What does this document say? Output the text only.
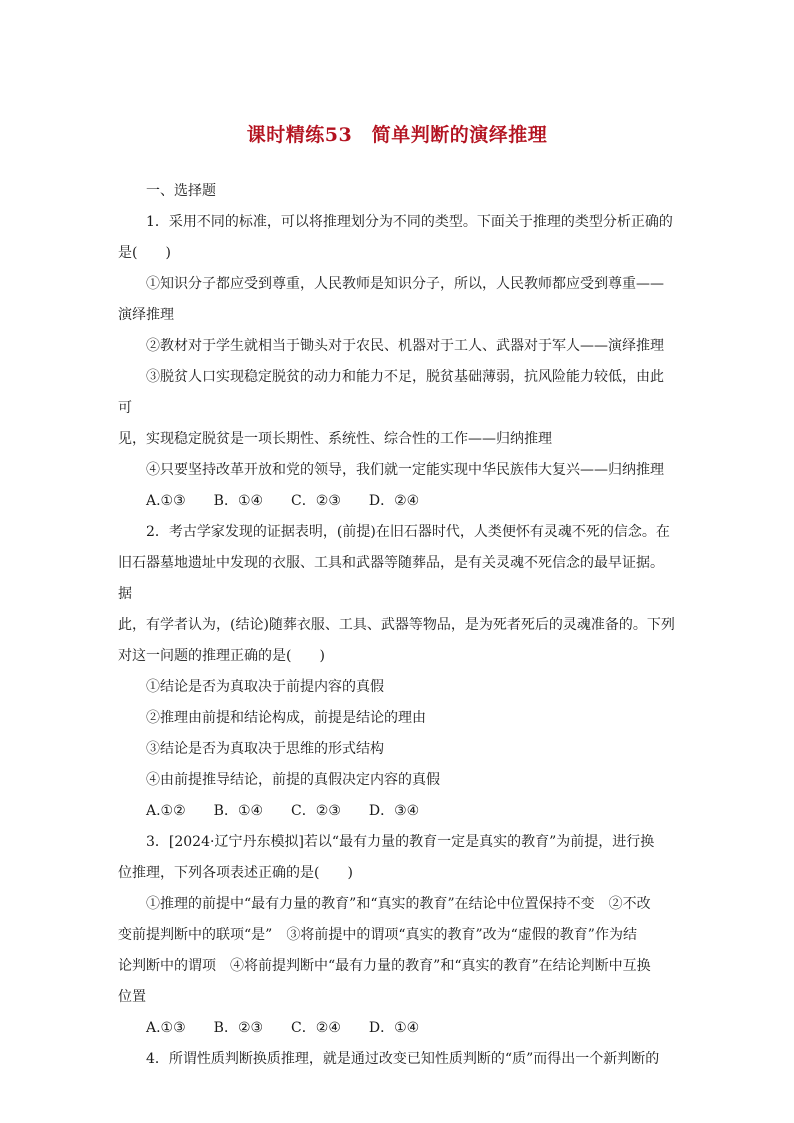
课时精练53　简单判断的演绎推理

一、选择题

1．采用不同的标准，可以将推理划分为不同的类型。下面关于推理的类型分析正确的

是(　　)

①知识分子都应受到尊重，人民教师是知识分子，所以，人民教师都应受到尊重——

演绎推理

②教材对于学生就相当于锄头对于农民、机器对于工人、武器对于军人——演绎推理

③脱贫人口实现稳定脱贫的动力和能力不足，脱贫基础薄弱，抗风险能力较低，由此可

见，实现稳定脱贫是一项长期性、系统性、综合性的工作——归纳推理

④只要坚持改革开放和党的领导，我们就一定能实现中华民族伟大复兴——归纳推理

A.①③　　B．①④　　C．②③　　D．②④

2．考古学家发现的证据表明，(前提)在旧石器时代，人类便怀有灵魂不死的信念。在

旧石器墓地遗址中发现的衣服、工具和武器等随葬品，是有关灵魂不死信念的最早证据。据

此，有学者认为，(结论)随葬衣服、工具、武器等物品，是为死者死后的灵魂准备的。下列

对这一问题的推理正确的是(　　)

①结论是否为真取决于前提内容的真假

②推理由前提和结论构成，前提是结论的理由

③结论是否为真取决于思维的形式结构

④由前提推导结论，前提的真假决定内容的真假

A.①②　　B．①④　　C．②③　　D．③④

3．[2024·辽宁丹东模拟]若以“最有力量的教育一定是真实的教育”为前提，进行换

位推理，下列各项表述正确的是(　　)

①推理的前提中“最有力量的教育”和“真实的教育”在结论中位置保持不变　②不改

变前提判断中的联项“是”　③将前提中的谓项“真实的教育”改为“虚假的教育”作为结

论判断中的谓项　④将前提判断中“最有力量的教育”和“真实的教育”在结论判断中互换

位置

A.①③　　B．②③　　C．②④　　D．①④

4．所谓性质判断换质推理，就是通过改变已知性质判断的“质”而得出一个新判断的
